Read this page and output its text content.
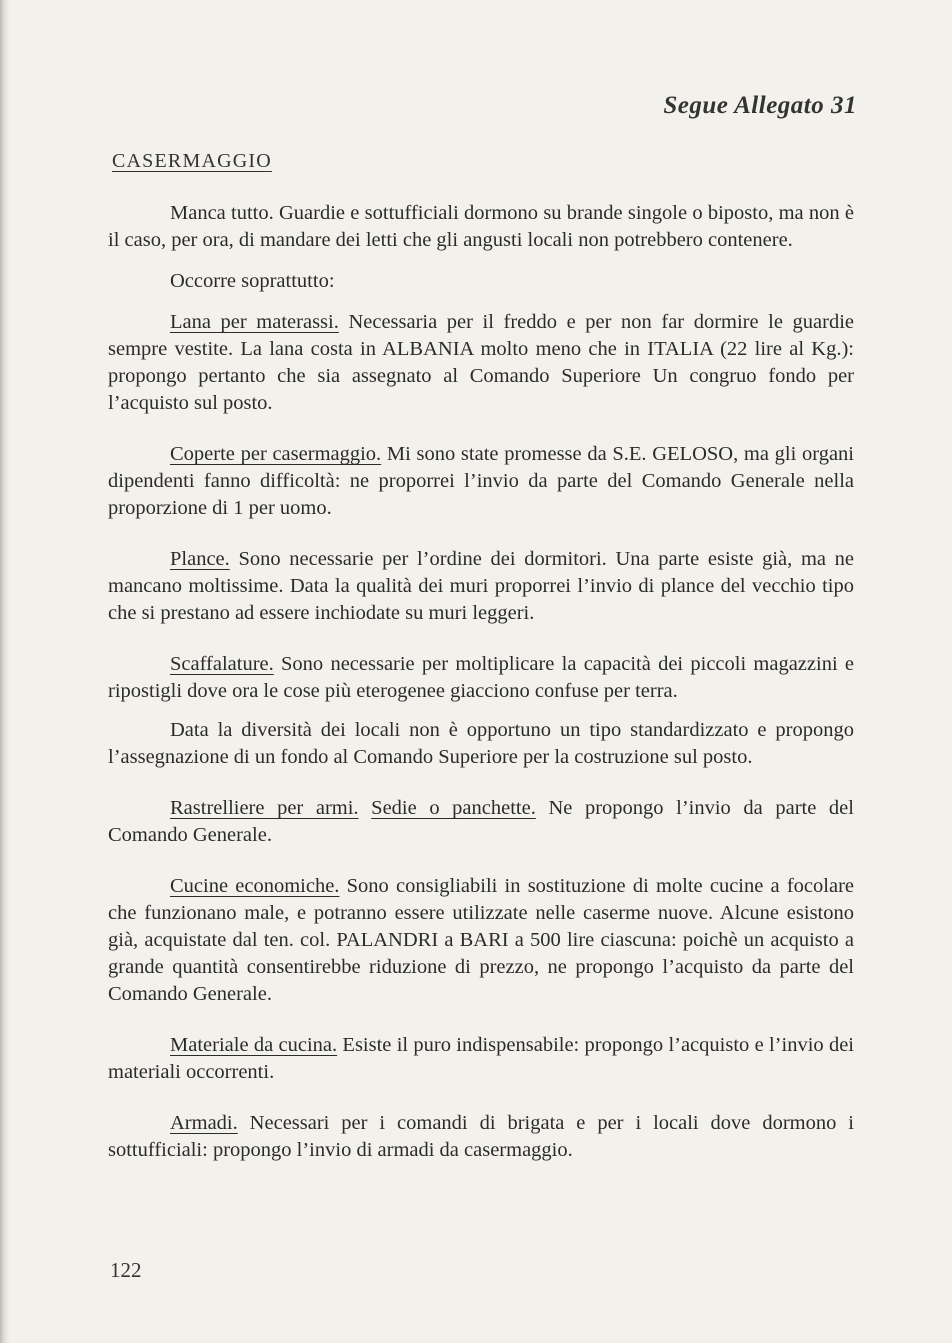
Segue Allegato 31
CASERMAGGIO

Manca tutto. Guardie e sottufficiali dormono su brande singole o biposto, ma non è il caso, per ora, di mandare dei letti che gli angusti locali non potrebbero contenere.

Occorre soprattutto:

Lana per materassi. Necessaria per il freddo e per non far dormire le guardie sempre vestite. La lana costa in ALBANIA molto meno che in ITALIA (22 lire al Kg.): propongo pertanto che sia assegnato al Comando Superiore Un congruo fondo per l’acquisto sul posto.

Coperte per casermaggio. Mi sono state promesse da S.E. GELOSO, ma gli organi dipendenti fanno difficoltà: ne proporrei l’invio da parte del Comando Generale nella proporzione di 1 per uomo.

Plance. Sono necessarie per l’ordine dei dormitori. Una parte esiste già, ma ne mancano moltissime. Data la qualità dei muri proporrei l’invio di plance del vecchio tipo che si prestano ad essere inchiodate su muri leggeri.

Scaffalature. Sono necessarie per moltiplicare la capacità dei piccoli magazzini e ripostigli dove ora le cose più eterogenee giacciono confuse per terra.

Data la diversità dei locali non è opportuno un tipo standardizzato e propongo l’assegnazione di un fondo al Comando Superiore per la costruzione sul posto.

Rastrelliere per armi. Sedie o panchette. Ne propongo l’invio da parte del Comando Generale.

Cucine economiche. Sono consigliabili in sostituzione di molte cucine a focolare che funzionano male, e potranno essere utilizzate nelle caserme nuove. Alcune esistono già, acquistate dal ten. col. PALANDRI a BARI a 500 lire ciascuna: poichè un acquisto a grande quantità consentirebbe riduzione di prezzo, ne propongo l’acquisto da parte del Comando Generale.

Materiale da cucina. Esiste il puro indispensabile: propongo l’acquisto e l’invio dei materiali occorrenti.

Armadi. Necessari per i comandi di brigata e per i locali dove dormono i sottufficiali: propongo l’invio di armadi da casermaggio.

122
